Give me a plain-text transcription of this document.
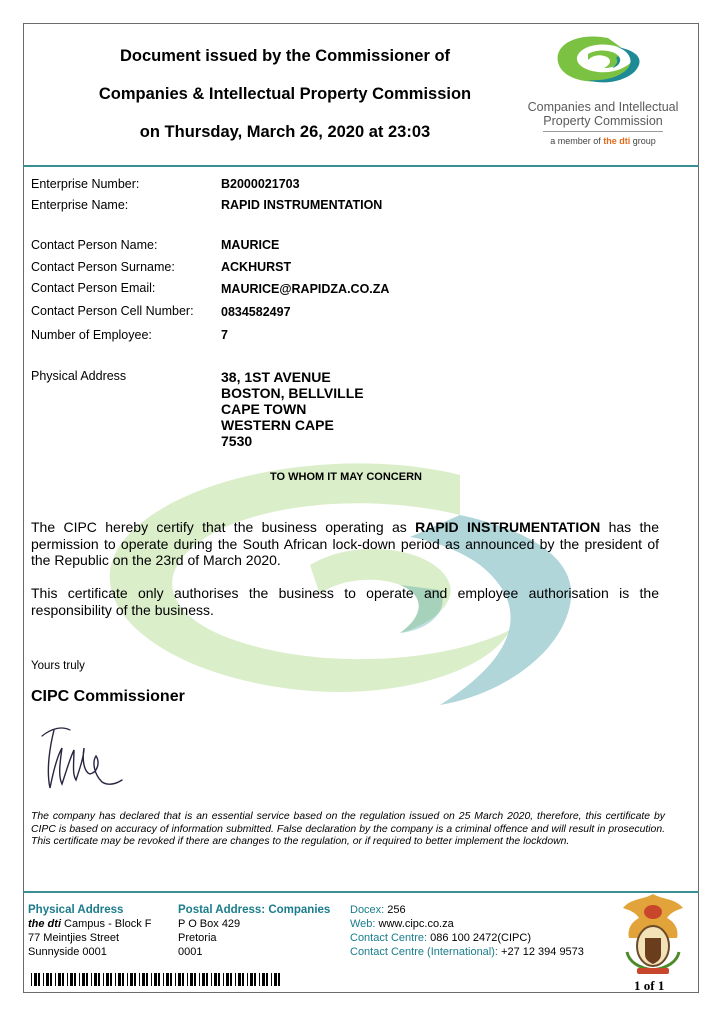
Document issued by the Commissioner of
Companies & Intellectual Property Commission
on Thursday, March 26, 2020 at 23:03
Companies and Intellectual
Property Commission
a member of the dti group
Enterprise Number:	B2000021703
Enterprise Name:	RAPID INSTRUMENTATION
Contact Person Name:	MAURICE
Contact Person Surname:	ACKHURST
Contact Person Email:	MAURICE@RAPIDZA.CO.ZA
Contact Person Cell Number: 0834582497
Number of Employee:	7
Physical Address	38, 1ST AVENUE
BOSTON, BELLVILLE
CAPE TOWN
WESTERN CAPE
7530
TO WHOM IT MAY CONCERN
The CIPC hereby certify that the business operating as RAPID INSTRUMENTATION has the permission to operate during the South African lock-down period as announced by the president of the Republic on the 23rd of March 2020.
This certificate only authorises the business to operate and employee authorisation is the responsibility of the business.
Yours truly
CIPC Commissioner
The company has declared that is an essential service based on the regulation issued on 25 March 2020, therefore, this certificate by CIPC is based on accuracy of information submitted. False declaration by the company is a criminal offence and will result in prosecution. This certificate may be revoked if there are changes to the regulation, or if required to better implement the lockdown.
Physical Address
the dti Campus - Block F
77 Meintjies Street
Sunnyside 0001
Postal Address: Companies
P O Box 429
Pretoria
0001
Docex: 256
Web: www.cipc.co.za
Contact Centre: 086 100 2472(CIPC)
Contact Centre (International): +27 12 394 9573
1 of 1
